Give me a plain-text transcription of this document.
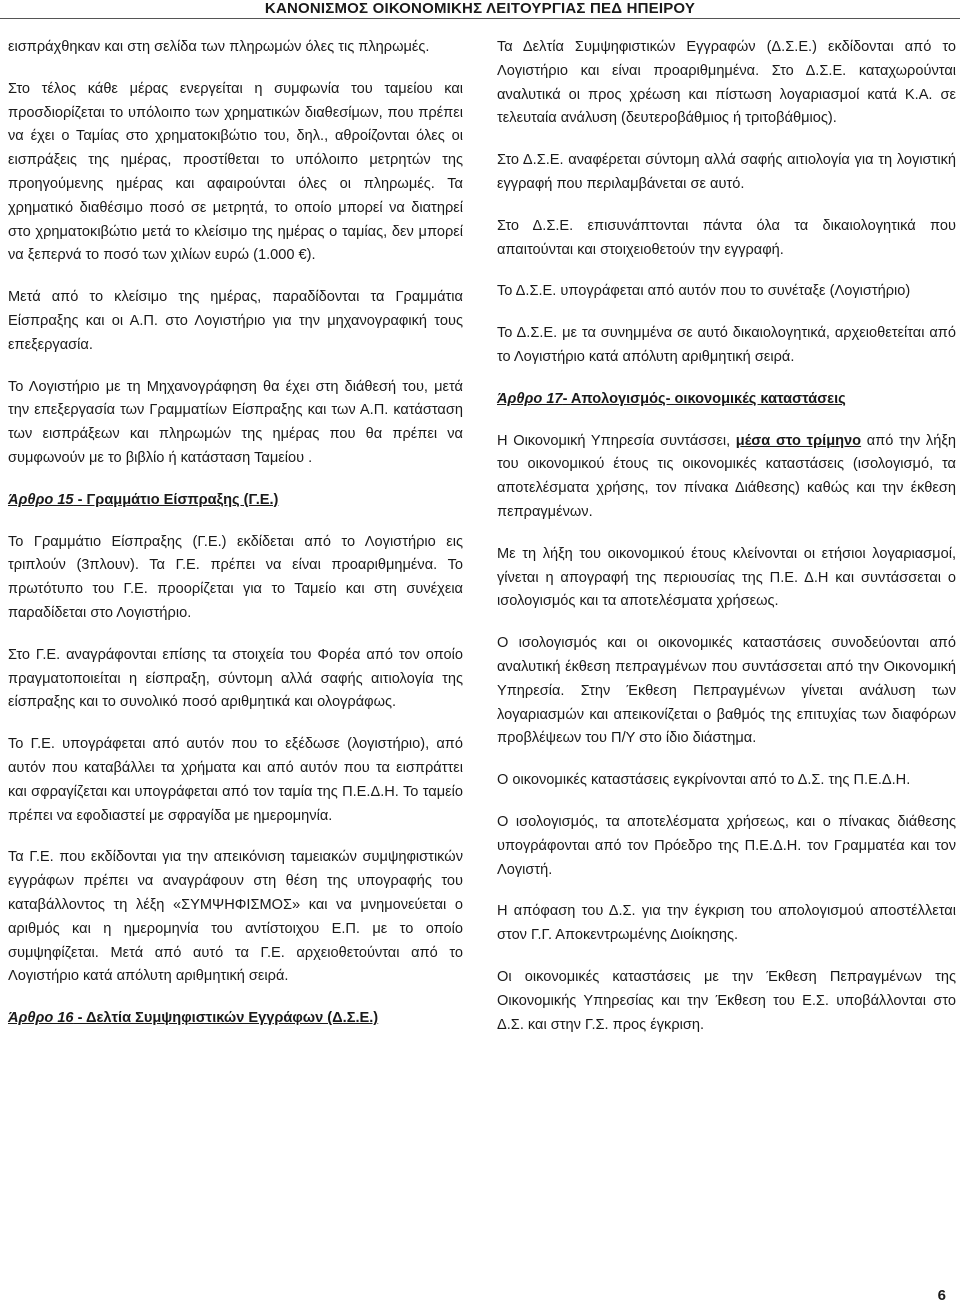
ΚΑΝΟΝΙΣΜΟΣ ΟΙΚΟΝΟΜΙΚΗΣ ΛΕΙΤΟΥΡΓΙΑΣ ΠΕΔ ΗΠΕΙΡΟΥ

εισπράχθηκαν και στη σελίδα των πληρωμών όλες τις πληρωμές.

Στο τέλος κάθε μέρας ενεργείται η συμφωνία του ταμείου και προσδιορίζεται το υπόλοιπο των χρηματικών διαθεσίμων, που πρέπει να έχει ο Ταμίας στο χρηματοκιβώτιο του, δηλ., αθροίζονται όλες οι εισπράξεις της ημέρας, προστίθεται το υπόλοιπο μετρητών της προηγούμενης ημέρας και αφαιρούνται όλες οι πληρωμές. Τα χρηματικό διαθέσιμο ποσό σε μετρητά, το οποίο μπορεί να διατηρεί στο χρηματοκιβώτιο μετά το κλείσιμο της ημέρας ο ταμίας, δεν μπορεί να ξεπερνά το ποσό των χιλίων ευρώ (1.000 €).

Μετά από το κλείσιμο της ημέρας, παραδίδονται τα Γραμμάτια Είσπραξης και οι Α.Π. στο Λογιστήριο για την μηχανογραφική τους επεξεργασία.

Το Λογιστήριο με τη Μηχανογράφηση θα έχει στη διάθεσή του, μετά την επεξεργασία των Γραμματίων Είσπραξης και των Α.Π. κατάσταση των εισπράξεων και πληρωμών της ημέρας που θα πρέπει να συμφωνούν με το βιβλίο ή κατάσταση Ταμείου .

Άρθρο 15 - Γραμμάτιο Είσπραξης (Γ.Ε.)

Το Γραμμάτιο Είσπραξης (Γ.Ε.) εκδίδεται από το Λογιστήριο εις τριπλούν (3πλουν). Τα Γ.Ε. πρέπει να είναι προαριθμημένα. Το πρωτότυπο του Γ.Ε. προορίζεται για το Ταμείο και στη συνέχεια παραδίδεται στο Λογιστήριο.

Στο Γ.Ε. αναγράφονται επίσης τα στοιχεία του Φορέα από τον οποίο πραγματοποιείται η είσπραξη, σύντομη αλλά σαφής αιτιολογία της είσπραξης και το συνολικό ποσό αριθμητικά και ολογράφως.

Το Γ.Ε. υπογράφεται από αυτόν που το εξέδωσε (λογιστήριο), από αυτόν που καταβάλλει τα χρήματα και από αυτόν που τα εισπράττει και σφραγίζεται και υπογράφεται από τον ταμία της Π.Ε.Δ.Η. Το ταμείο πρέπει να εφοδιαστεί με σφραγίδα με ημερομηνία.

Τα Γ.Ε. που εκδίδονται για την απεικόνιση ταμειακών συμψηφιστικών εγγράφων πρέπει να αναγράφουν στη θέση της υπογραφής του καταβάλλοντος τη λέξη «ΣΥΜΨΗΦΙΣΜΟΣ» και να μνημονεύεται ο αριθμός και η ημερομηνία του αντίστοιχου Ε.Π. με το οποίο συμψηφίζεται. Μετά από αυτό τα Γ.Ε. αρχειοθετούνται από το Λογιστήριο κατά απόλυτη αριθμητική σειρά.

Άρθρο 16 - Δελτία Συμψηφιστικών Εγγράφων (Δ.Σ.Ε.)

Τα Δελτία Συμψηφιστικών Εγγραφών (Δ.Σ.Ε.) εκδίδονται από το Λογιστήριο και είναι προαριθμημένα. Στο Δ.Σ.Ε. καταχωρούνται αναλυτικά οι προς χρέωση και πίστωση λογαριασμοί κατά Κ.Α. σε τελευταία ανάλυση (δευτεροβάθμιος ή τριτοβάθμιος).

Στο Δ.Σ.Ε. αναφέρεται σύντομη αλλά σαφής αιτιολογία για τη λογιστική εγγραφή που περιλαμβάνεται σε αυτό.

Στο Δ.Σ.Ε. επισυνάπτονται πάντα όλα τα δικαιολογητικά που απαιτούνται και στοιχειοθετούν την εγγραφή.

Το Δ.Σ.Ε. υπογράφεται από αυτόν που το συνέταξε (Λογιστήριο)

Το Δ.Σ.Ε. με τα συνημμένα σε αυτό δικαιολογητικά, αρχειοθετείται από το Λογιστήριο κατά απόλυτη αριθμητική σειρά.

Άρθρο 17- Απολογισμός- οικονομικές καταστάσεις

Η Οικονομική Υπηρεσία συντάσσει, μέσα στο τρίμηνο από την λήξη του οικονομικού έτους τις οικονομικές καταστάσεις (ισολογισμό, τα αποτελέσματα χρήσης, τον πίνακα Διάθεσης) καθώς και την έκθεση πεπραγμένων.

Με τη λήξη του οικονομικού έτους κλείνονται οι ετήσιοι λογαριασμοί, γίνεται η απογραφή της περιουσίας της Π.Ε. Δ.Η και συντάσσεται ο ισολογισμός και τα αποτελέσματα χρήσεως.

Ο ισολογισμός και οι οικονομικές καταστάσεις συνοδεύονται από αναλυτική έκθεση πεπραγμένων που συντάσσεται από την Οικονομική Υπηρεσία. Στην Έκθεση Πεπραγμένων γίνεται ανάλυση των λογαριασμών και απεικονίζεται ο βαθμός της επιτυχίας των διαφόρων προβλέψεων του Π/Υ στο ίδιο διάστημα.

Ο οικονομικές καταστάσεις εγκρίνονται από το Δ.Σ. της Π.Ε.Δ.Η.

Ο ισολογισμός, τα αποτελέσματα χρήσεως, και ο πίνακας διάθεσης υπογράφονται από τον Πρόεδρο της Π.Ε.Δ.Η. τον Γραμματέα και τον Λογιστή.

Η απόφαση του Δ.Σ. για την έγκριση του απολογισμού αποστέλλεται στον Γ.Γ. Αποκεντρωμένης Διοίκησης.

Οι οικονομικές καταστάσεις με την Έκθεση Πεπραγμένων της Οικονομικής Υπηρεσίας και την Έκθεση του Ε.Σ. υποβάλλονται στο Δ.Σ. και στην Γ.Σ. προς έγκριση.

6
